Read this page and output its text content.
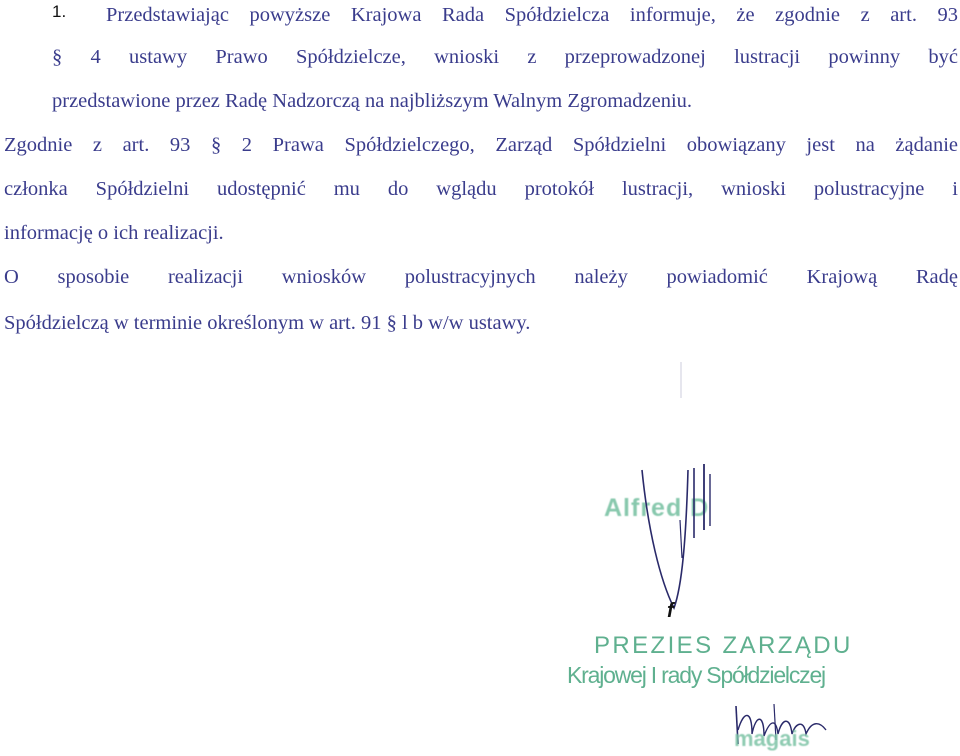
1. Przedstawiając powyższe Krajowa Rada Spółdzielcza informuje, że zgodnie z art. 93
§ 4 ustawy Prawo Spółdzielcze, wnioski z przeprowadzonej lustracji powinny być
przedstawione przez Radę Nadzorczą na najbliższym Walnym Zgromadzeniu.
Zgodnie z art. 93 § 2 Prawa Spółdzielczego, Zarząd Spółdzielni obowiązany jest na żądanie
członka Spółdzielni udostępnić mu do wglądu protokół lustracji, wnioski polustracyjne i
informację o ich realizacji.
O sposobie realizacji wniosków polustracyjnych należy powiadomić Krajową Radę
Spółdzielczą w terminie określonym w art. 91 § l b w/w ustawy.
Alfred D
f
PREZIES ZARZĄDU
Krajowej I rady Spółdzielczej
magais
